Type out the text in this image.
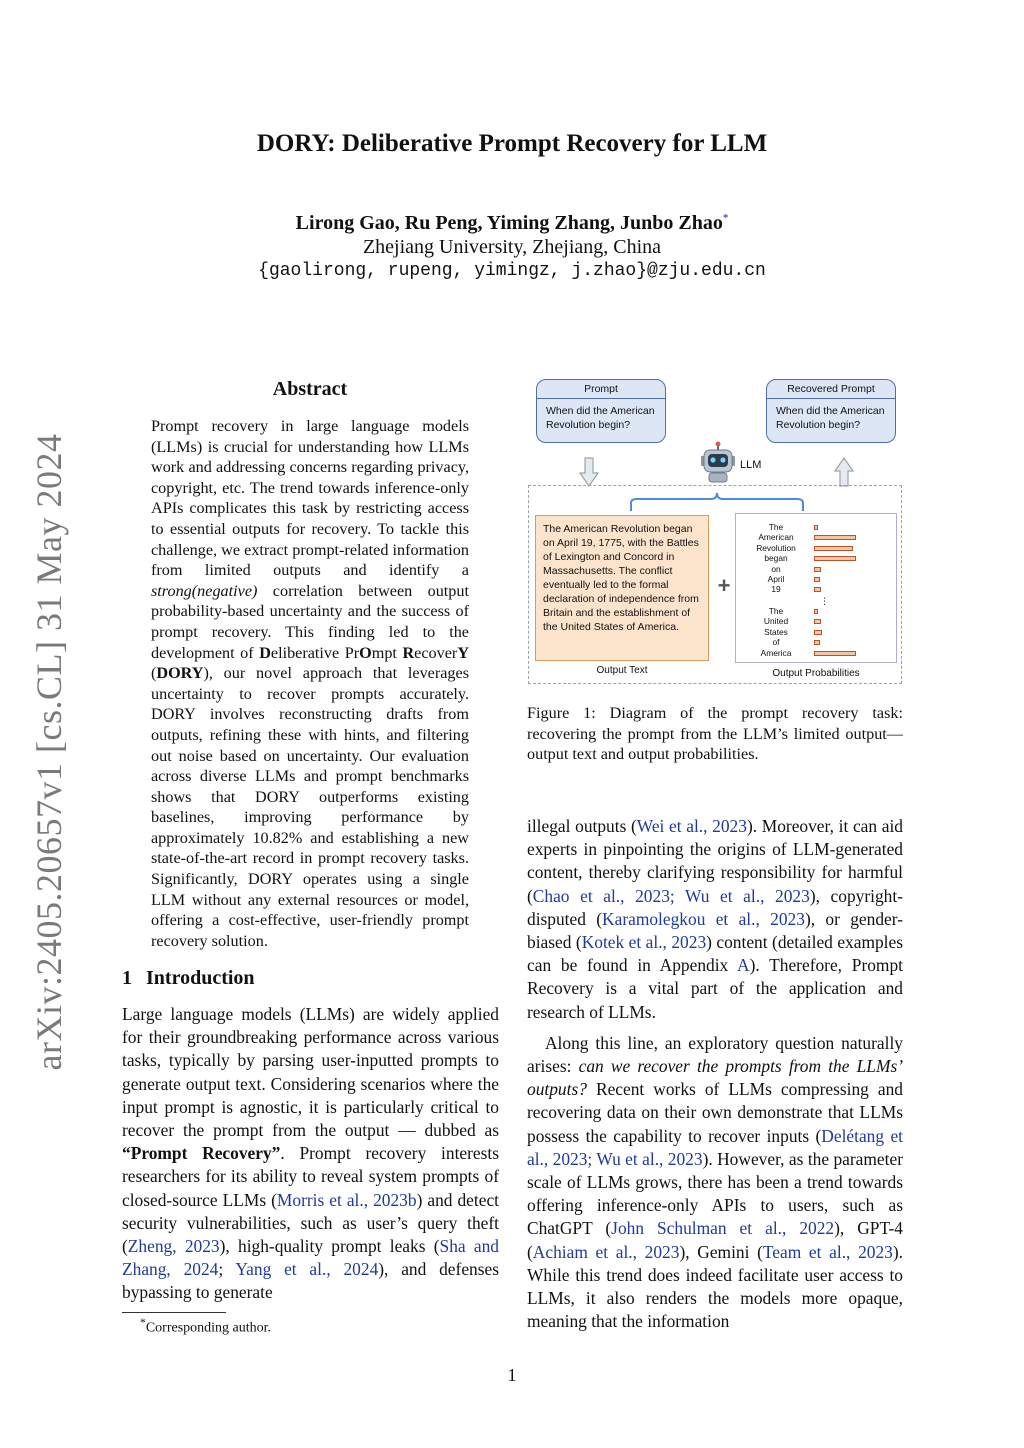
DORY: Deliberative Prompt Recovery for LLM
Lirong Gao, Ru Peng, Yiming Zhang, Junbo Zhao*
Zhejiang University, Zhejiang, China
{gaolirong, rupeng, yimingz, j.zhao}@zju.edu.cn
arXiv:2405.20657v1 [cs.CL] 31 May 2024
Abstract
Prompt recovery in large language models (LLMs) is crucial for understanding how LLMs work and addressing concerns regarding privacy, copyright, etc. The trend towards inference-only APIs complicates this task by restricting access to essential outputs for recovery. To tackle this challenge, we extract prompt-related information from limited outputs and identify a strong(negative) correlation between output probability-based uncertainty and the success of prompt recovery. This finding led to the development of Deliberative PrOmpt RecoverY (DORY), our novel approach that leverages uncertainty to recover prompts accurately. DORY involves reconstructing drafts from outputs, refining these with hints, and filtering out noise based on uncertainty. Our evaluation across diverse LLMs and prompt benchmarks shows that DORY outperforms existing baselines, improving performance by approximately 10.82% and establishing a new state-of-the-art record in prompt recovery tasks. Significantly, DORY operates using a single LLM without any external resources or model, offering a cost-effective, user-friendly prompt recovery solution.
1 Introduction
Large language models (LLMs) are widely applied for their groundbreaking performance across various tasks, typically by parsing user-inputted prompts to generate output text. Considering scenarios where the input prompt is agnostic, it is particularly critical to recover the prompt from the output — dubbed as “Prompt Recovery”. Prompt recovery interests researchers for its ability to reveal system prompts of closed-source LLMs (Morris et al., 2023b) and detect security vulnerabilities, such as user’s query theft (Zheng, 2023), high-quality prompt leaks (Sha and Zhang, 2024; Yang et al., 2024), and defenses bypassing to generate
*Corresponding author.
Prompt
When did the American Revolution begin?
Recovered Prompt
When did the American Revolution begin?
LLM
The American Revolution began on April 19, 1775, with the Battles of Lexington and Concord in Massachusetts. The conflict eventually led to the formal declaration of independence from Britain and the establishment of the United States of America.
+
The
American
Revolution
began
on
April
19
⋮
The
United
States
of
America
Output Text	Output Probabilities
Figure 1: Diagram of the prompt recovery task: recovering the prompt from the LLM’s limited output—output text and output probabilities.

illegal outputs (Wei et al., 2023). Moreover, it can aid experts in pinpointing the origins of LLM-generated content, thereby clarifying responsibility for harmful (Chao et al., 2023; Wu et al., 2023), copyright-disputed (Karamolegkou et al., 2023), or gender-biased (Kotek et al., 2023) content (detailed examples can be found in Appendix A). Therefore, Prompt Recovery is a vital part of the application and research of LLMs.

Along this line, an exploratory question naturally arises: can we recover the prompts from the LLMs’ outputs? Recent works of LLMs compressing and recovering data on their own demonstrate that LLMs possess the capability to recover inputs (Delétang et al., 2023; Wu et al., 2023). However, as the parameter scale of LLMs grows, there has been a trend towards offering inference-only APIs to users, such as ChatGPT (John Schulman et al., 2022), GPT-4 (Achiam et al., 2023), Gemini (Team et al., 2023). While this trend does indeed facilitate user access to LLMs, it also renders the models more opaque, meaning that the information

1
